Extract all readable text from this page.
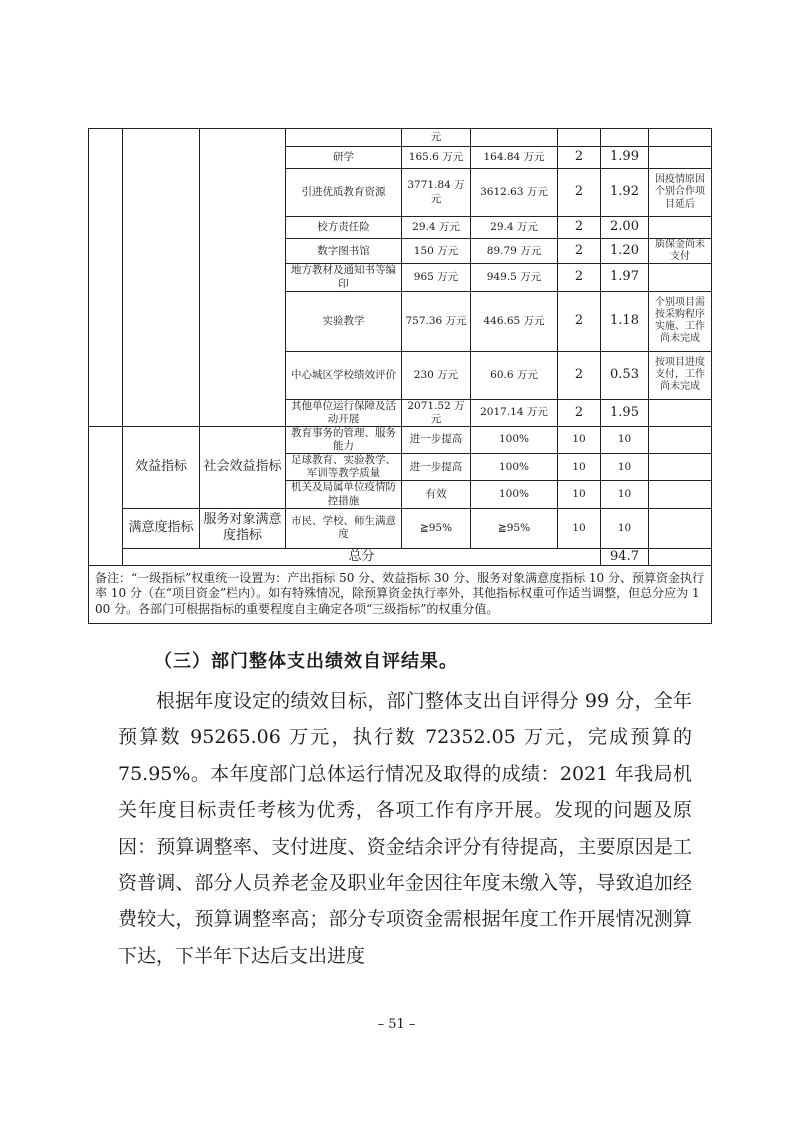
				元				
			研学	165.6 万元	164.84 万元	2	1.99	
			引进优质教育资源	3771.84 万元	3612.63 万元	2	1.92	因疫情原因个别合作项目延后
			校方责任险	29.4 万元	29.4 万元	2	2.00	
			数字图书馆	150 万元	89.79 万元	2	1.20	质保金尚未支付
			地方教材及通知书等编印	965 万元	949.5 万元	2	1.97	
			实验教学	757.36 万元	446.65 万元	2	1.18	个别项目需按采购程序实施、工作尚未完成
			中心城区学校绩效评价	230 万元	60.6 万元	2	0.53	按项目进度支付，工作尚未完成
			其他单位运行保障及活动开展	2071.52 万元	2017.14 万元	2	1.95	
	效益指标	社会效益指标	教育事务的管理、服务能力	进一步提高	100%	10	10	
			足球教育、实验教学、军训等教学质量	进一步提高	100%	10	10	
			机关及局属单位疫情防控措施	有效	100%	10	10	
	满意度指标	服务对象满意度指标	市民、学校、师生满意度	≧95%	≧95%	10	10	
	总分						94.7	
备注：“一级指标”权重统一设置为：产出指标 50 分、效益指标 30 分、服务对象满意度指标 10 分、预算资金执行率 10 分（在“项目资金”栏内）。如有特殊情况，除预算资金执行率外，其他指标权重可作适当调整，但总分应为 100 分。各部门可根据指标的重要程度自主确定各项“三级指标”的权重分值。								
（三）部门整体支出绩效自评结果。

根据年度设定的绩效目标，部门整体支出自评得分 99 分，全年预算数 95265.06 万元，执行数 72352.05 万元，完成预算的 75.95%。本年度部门总体运行情况及取得的成绩：2021 年我局机关年度目标责任考核为优秀，各项工作有序开展。发现的问题及原因：预算调整率、支付进度、资金结余评分有待提高，主要原因是工资普调、部分人员养老金及职业年金因往年度未缴入等，导致追加经费较大，预算调整率高；部分专项资金需根据年度工作开展情况测算下达，下半年下达后支出进度

– 51 –
